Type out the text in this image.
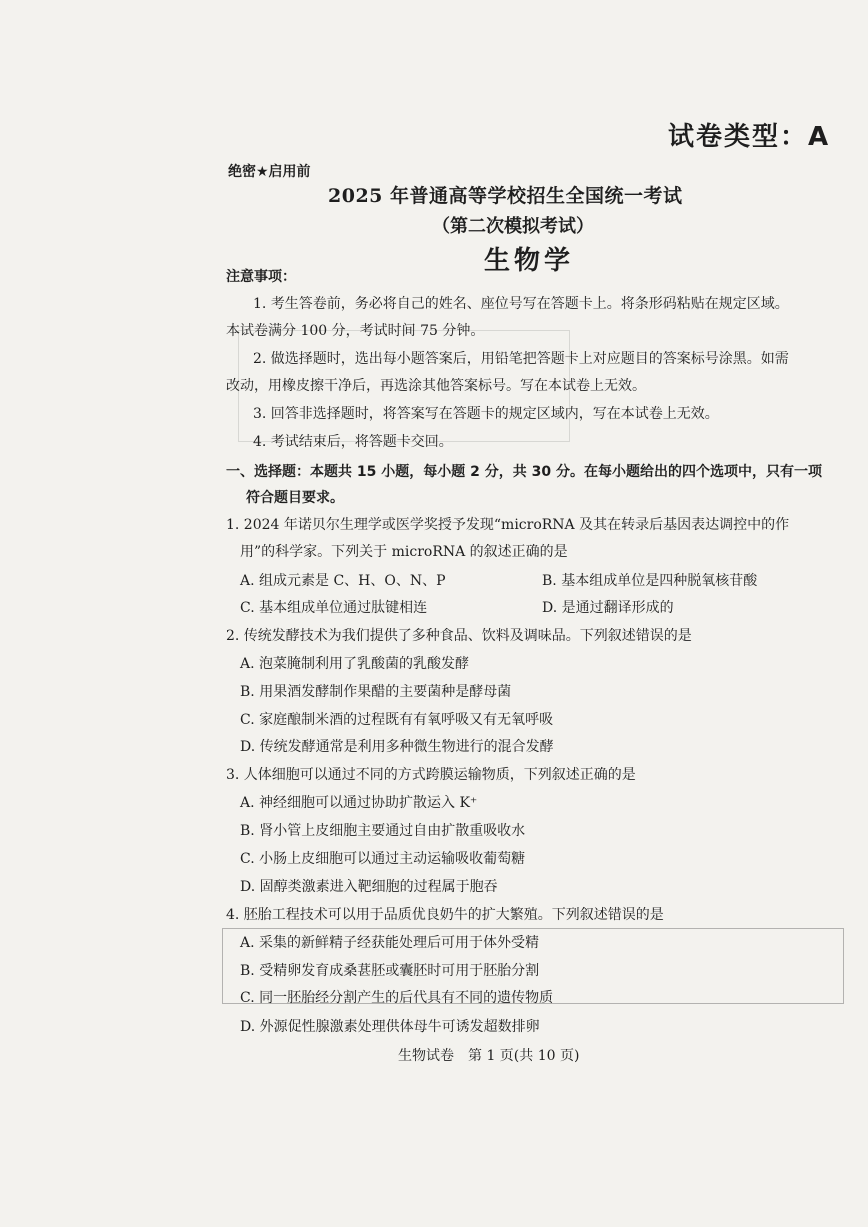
试卷类型：A
绝密★启用前
2025 年普通高等学校招生全国统一考试
（第二次模拟考试）
生物学
注意事项：
1. 考生答卷前，务必将自己的姓名、座位号写在答题卡上。将条形码粘贴在规定区域。
本试卷满分 100 分，考试时间 75 分钟。
2. 做选择题时，选出每小题答案后，用铅笔把答题卡上对应题目的答案标号涂黑。如需
改动，用橡皮擦干净后，再选涂其他答案标号。写在本试卷上无效。
3. 回答非选择题时，将答案写在答题卡的规定区域内，写在本试卷上无效。
4. 考试结束后，将答题卡交回。
一、选择题：本题共 15 小题，每小题 2 分，共 30 分。在每小题给出的四个选项中，只有一项
符合题目要求。
1. 2024 年诺贝尔生理学或医学奖授予发现“microRNA 及其在转录后基因表达调控中的作
用”的科学家。下列关于 microRNA 的叙述正确的是
A. 组成元素是 C、H、O、N、P	B. 基本组成单位是四种脱氧核苷酸
C. 基本组成单位通过肽键相连	D. 是通过翻译形成的
2. 传统发酵技术为我们提供了多种食品、饮料及调味品。下列叙述错误的是
A. 泡菜腌制利用了乳酸菌的乳酸发酵
B. 用果酒发酵制作果醋的主要菌种是酵母菌
C. 家庭酿制米酒的过程既有有氧呼吸又有无氧呼吸
D. 传统发酵通常是利用多种微生物进行的混合发酵
3. 人体细胞可以通过不同的方式跨膜运输物质，下列叙述正确的是
A. 神经细胞可以通过协助扩散运入 K⁺
B. 肾小管上皮细胞主要通过自由扩散重吸收水
C. 小肠上皮细胞可以通过主动运输吸收葡萄糖
D. 固醇类激素进入靶细胞的过程属于胞吞
4. 胚胎工程技术可以用于品质优良奶牛的扩大繁殖。下列叙述错误的是
A. 采集的新鲜精子经获能处理后可用于体外受精
B. 受精卵发育成桑葚胚或囊胚时可用于胚胎分割
C. 同一胚胎经分割产生的后代具有不同的遗传物质
D. 外源促性腺激素处理供体母牛可诱发超数排卵
生物试卷　第 1 页(共 10 页)
